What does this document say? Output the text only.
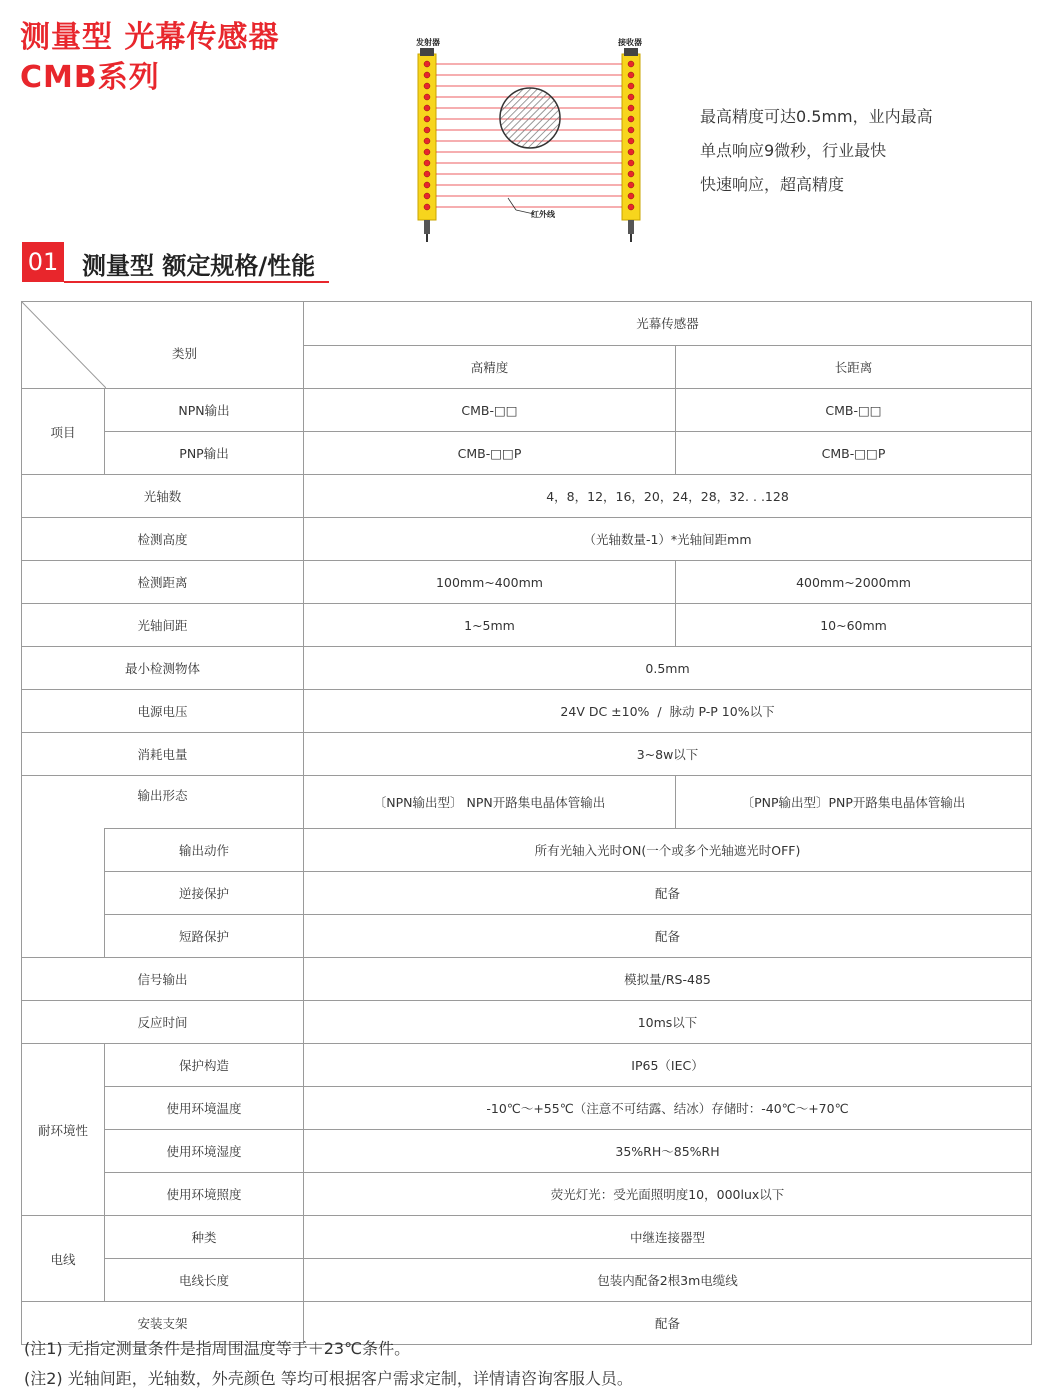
测量型 光幕传感器
CMB系列
发射器	接收器
红外线
最高精度可达0.5mm，业内最高
单点响应9微秒，行业最快
快速响应，超高精度
01 测量型 额定规格/性能
类别		光幕传感器	
		高精度	长距离
项目	NPN输出	CMB-□□	CMB-□□
	PNP输出	CMB-□□P	CMB-□□P
光轴数		4，8，12，16，20，24，28，32. . .128	
检测高度		（光轴数量-1）*光轴间距mm	
检测距离		100mm~400mm	400mm~2000mm
光轴间距		1~5mm	10~60mm
最小检测物体		0.5mm	
电源电压		24V DC ±10%  /  脉动 P-P 10%以下	
消耗电量		3~8w以下	
输出形态		〔NPN输出型〕 NPN开路集电晶体管输出	〔PNP输出型〕PNP开路集电晶体管输出
	输出动作	所有光轴入光时ON(一个或多个光轴遮光时OFF)	
	逆接保护	配备	
	短路保护	配备	
信号输出		模拟量/RS-485	
反应时间		10ms以下	
耐环境性	保护构造	IP65（IEC）	
	使用环境温度	-10℃～+55℃（注意不可结露、结冰）存储时：-40℃～+70℃	
	使用环境湿度	35%RH～85%RH	
	使用环境照度	荧光灯光：受光面照明度10，000lux以下	
电线	种类	中继连接器型	
	电线长度	包装内配备2根3m电缆线	
安装支架		配备	
(注1) 无指定测量条件是指周围温度等于＋23℃条件。
(注2) 光轴间距，光轴数，外壳颜色 等均可根据客户需求定制，详情请咨询客服人员。
